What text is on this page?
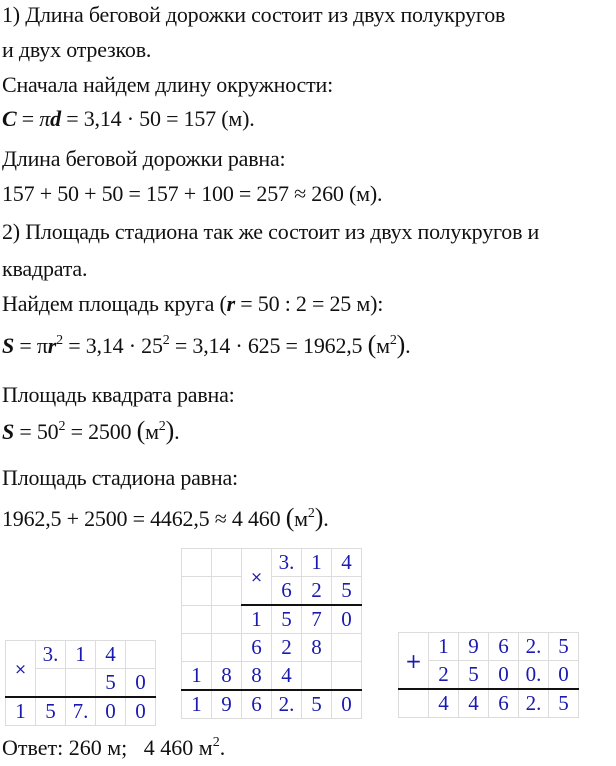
1) Длина беговой дорожки состоит из двух полукругов
и двух отрезков.
Сначала найдем длину окружности:
C = πd = 3,14 · 50 = 157 (м).
Длина беговой дорожки равна:
157 + 50 + 50 = 157 + 100 = 257 ≈ 260 (м).
2) Площадь стадиона так же состоит из двух полукругов и
квадрата.
Найдем площадь круга (r = 50 : 2 = 25 м):
$S = \pi r^2 = 3,14 \cdot 25^2 = 3,14 \cdot 625 = 1962,5$ $(м^2)$.
Площадь квадрата равна:
$S = 50^2 = 2500$ $(м^2)$.
Площадь стадиона равна:
1962,5 + 2500 = 4462,5 ≈ 4 460 $(м^2)$.
×	3.	1	4	
			5	0
1	5	7.	0	0
		×	3.	1	4
			6	2	5
		1	5	7	0
		6	2	8	
1	8	8	4		
1	9	6	2.	5	0
+	1	9	6	2.	5
	2	5	0	0.	0
	4	4	6	2.	5
Ответ: 260 м;   4 460 $м^2$.
